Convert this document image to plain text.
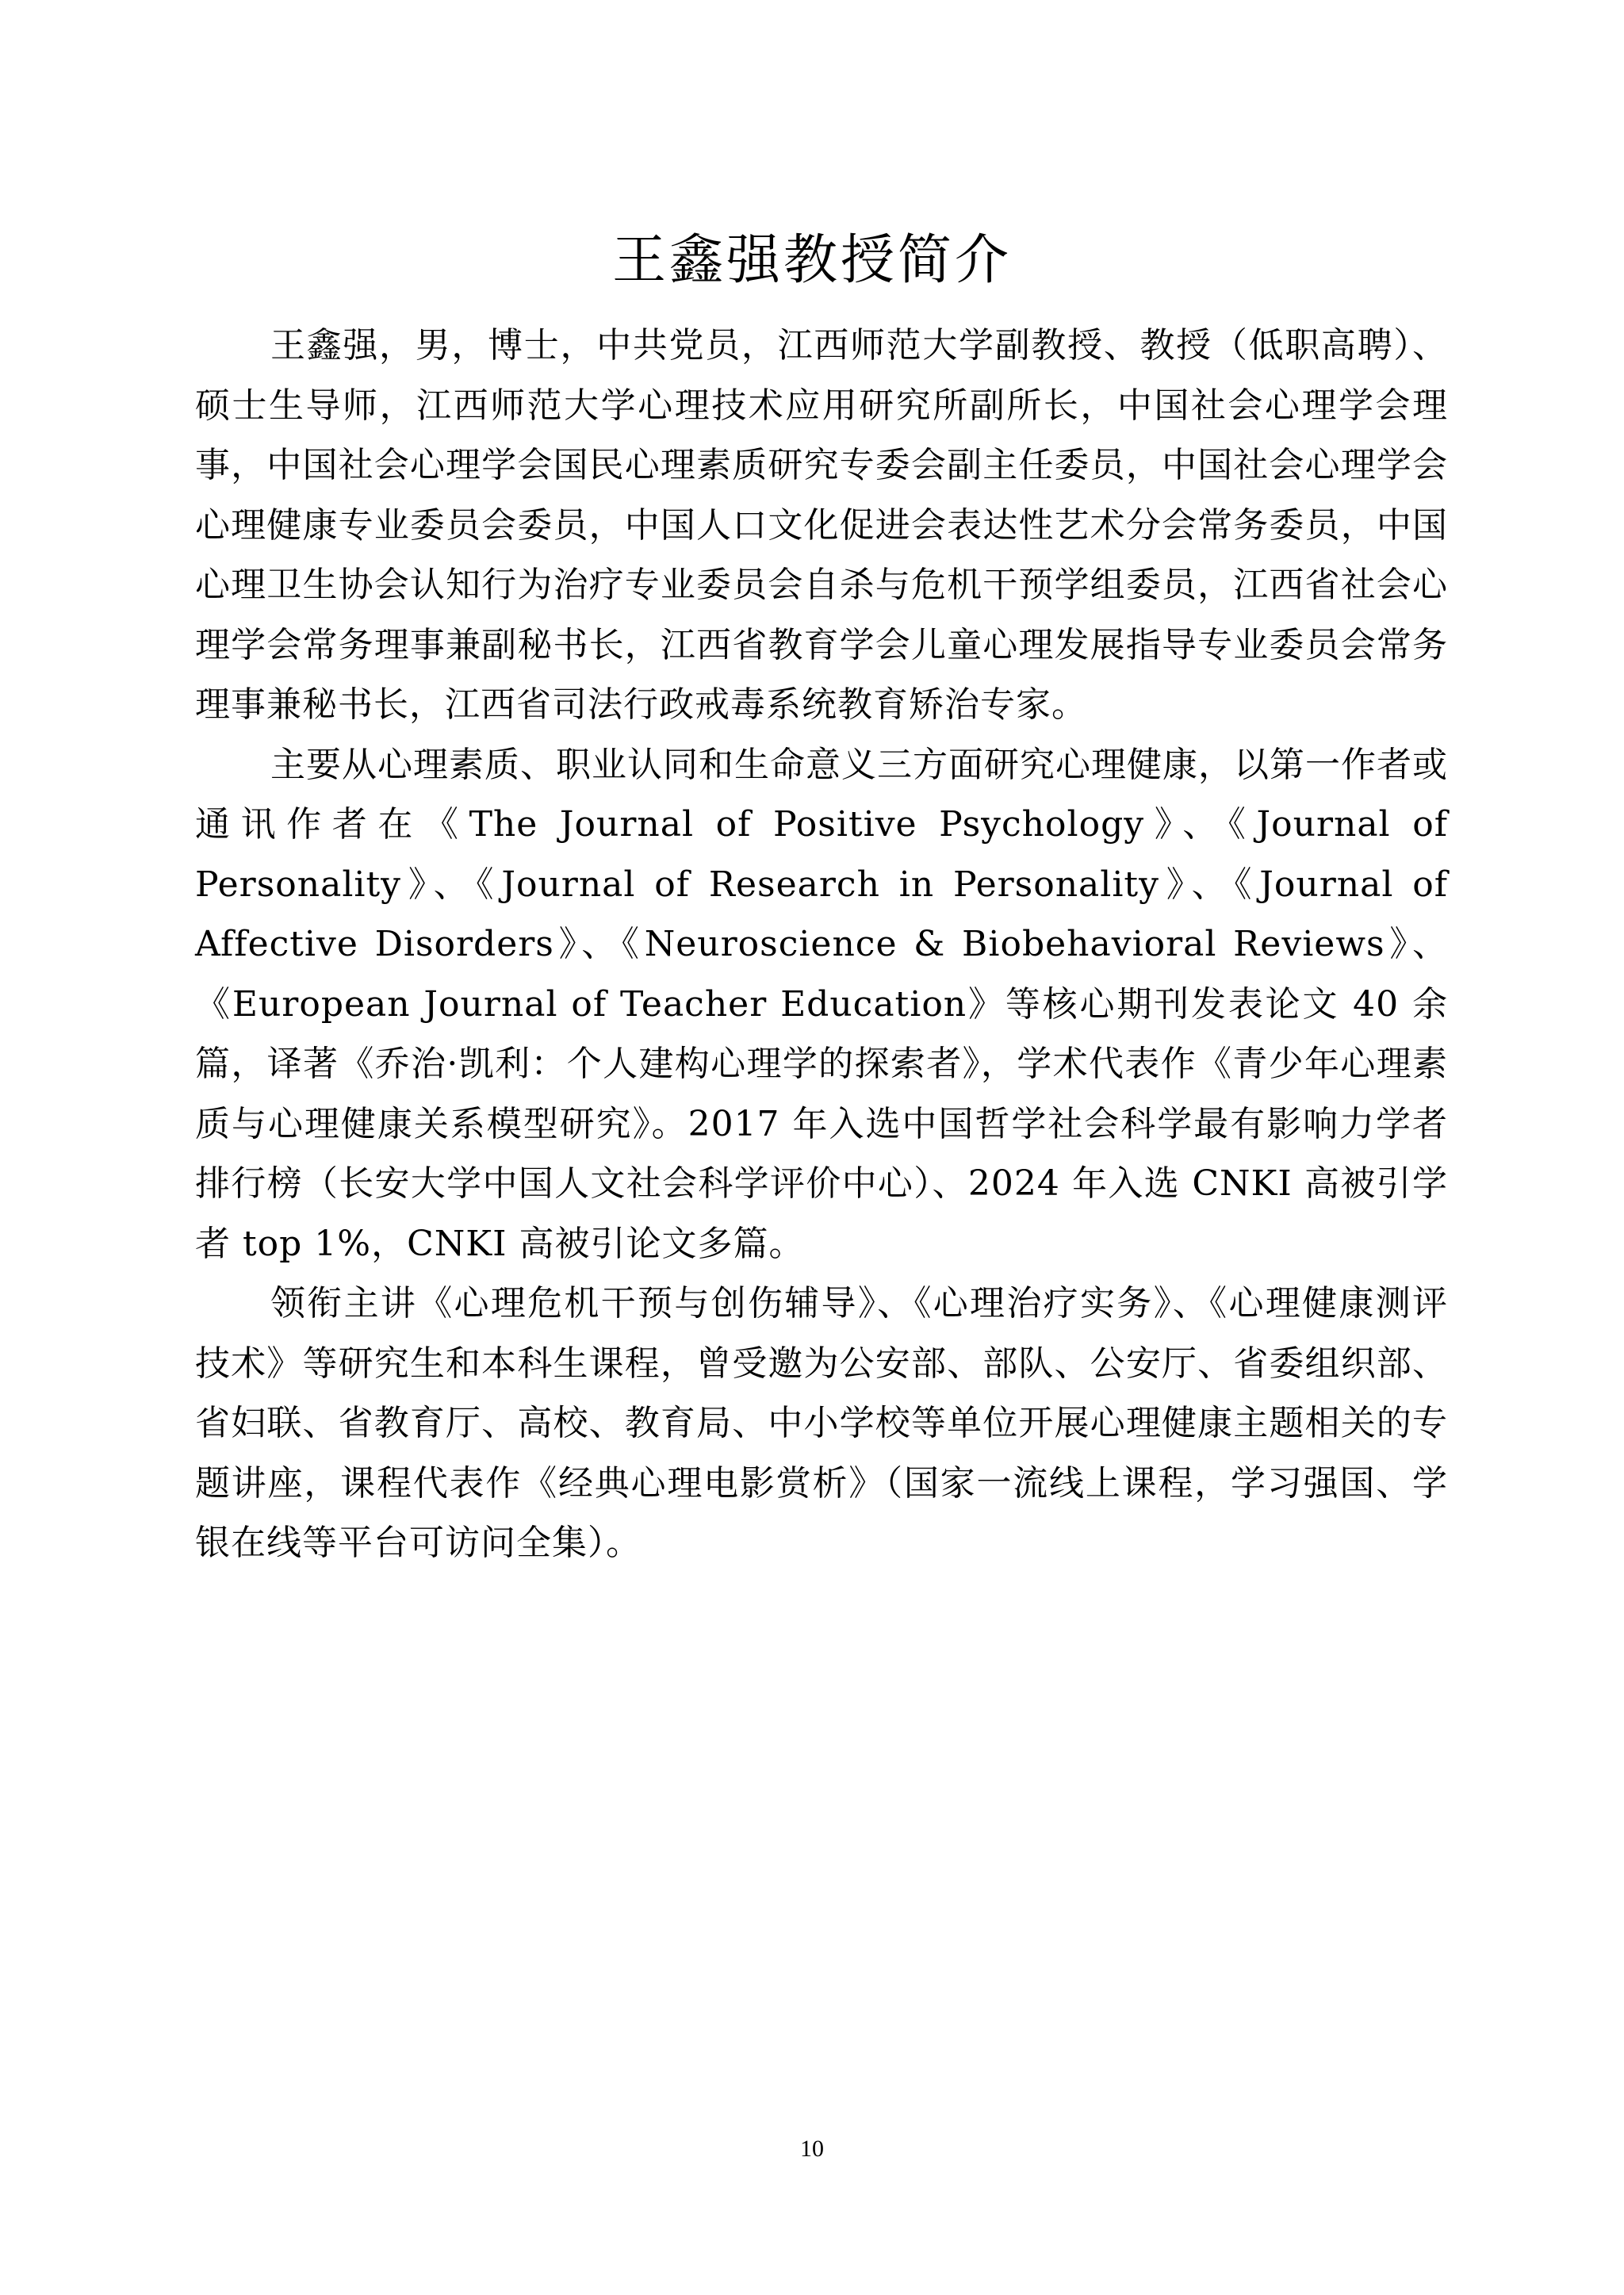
王鑫强教授简介

王鑫强，男，博士，中共党员，江西师范大学副教授、教授（低职高聘）、硕士生导师，江西师范大学心理技术应用研究所副所长，中国社会心理学会理事，中国社会心理学会国民心理素质研究专委会副主任委员，中国社会心理学会心理健康专业委员会委员，中国人口文化促进会表达性艺术分会常务委员，中国心理卫生协会认知行为治疗专业委员会自杀与危机干预学组委员，江西省社会心理学会常务理事兼副秘书长，江西省教育学会儿童心理发展指导专业委员会常务理事兼秘书长，江西省司法行政戒毒系统教育矫治专家。

主要从心理素质、职业认同和生命意义三方面研究心理健康，以第一作者或通讯作者在《The Journal of Positive Psychology》、《Journal of Personality》、《Journal of Research in Personality》、《Journal of Affective Disorders》、《Neuroscience & Biobehavioral Reviews》、《European Journal of Teacher Education》等核心期刊发表论文 40 余篇，译著《乔治·凯利：个人建构心理学的探索者》，学术代表作《青少年心理素质与心理健康关系模型研究》。2017 年入选中国哲学社会科学最有影响力学者排行榜（长安大学中国人文社会科学评价中心）、2024 年入选 CNKI 高被引学者 top 1%，CNKI 高被引论文多篇。

领衔主讲《心理危机干预与创伤辅导》、《心理治疗实务》、《心理健康测评技术》等研究生和本科生课程，曾受邀为公安部、部队、公安厅、省委组织部、省妇联、省教育厅、高校、教育局、中小学校等单位开展心理健康主题相关的专题讲座，课程代表作《经典心理电影赏析》（国家一流线上课程，学习强国、学银在线等平台可访问全集）。

10
